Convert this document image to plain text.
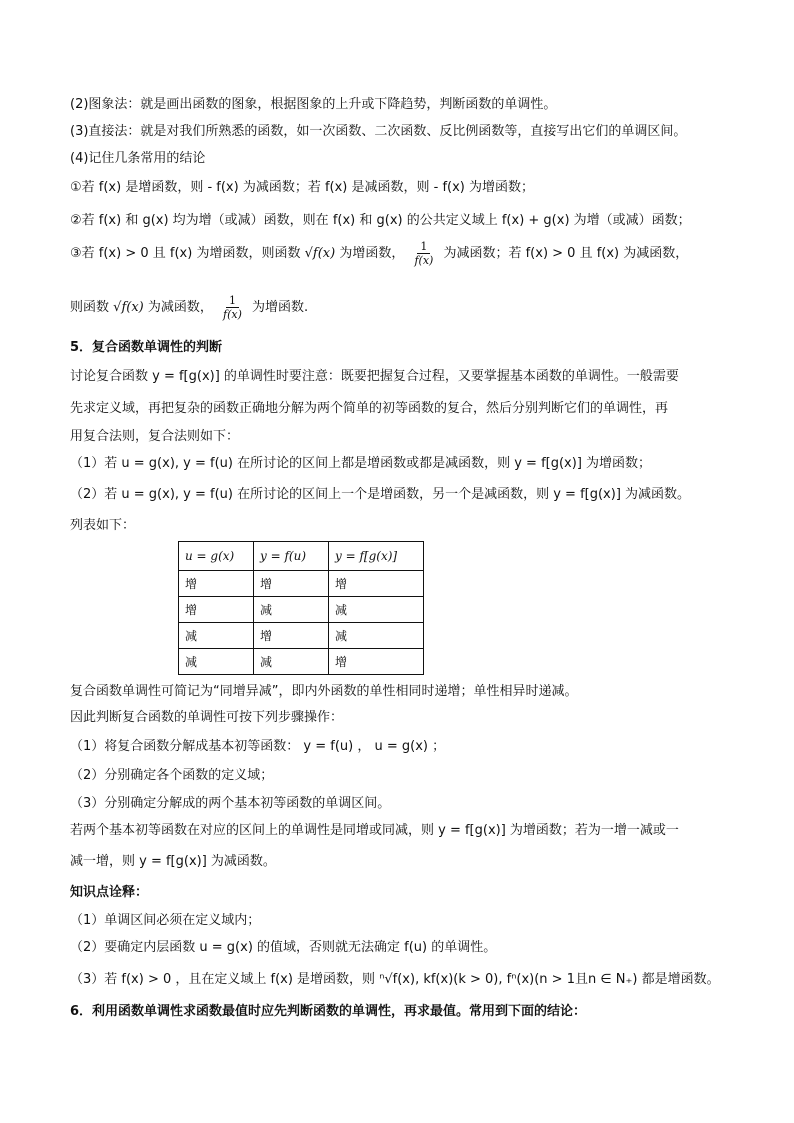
(2)图象法：就是画出函数的图象，根据图象的上升或下降趋势，判断函数的单调性。
(3)直接法：就是对我们所熟悉的函数，如一次函数、二次函数、反比例函数等，直接写出它们的单调区间。
(4)记住几条常用的结论
①若 f(x) 是增函数，则 - f(x) 为减函数；若 f(x) 是减函数，则 - f(x) 为增函数；
②若 f(x) 和 g(x) 均为增（或减）函数，则在 f(x) 和 g(x) 的公共定义域上 f(x) + g(x) 为增（或减）函数；
③若 f(x) > 0 且 f(x) 为增函数，则函数 √f(x) 为增函数， $\frac{1}{f(x)}$ 为减函数；若 f(x) > 0 且 f(x) 为减函数，
则函数 √f(x) 为减函数， $\frac{1}{f(x)}$ 为增函数.
5．复合函数单调性的判断
讨论复合函数 y = f[g(x)] 的单调性时要注意：既要把握复合过程，又要掌握基本函数的单调性。一般需要
先求定义域，再把复杂的函数正确地分解为两个简单的初等函数的复合，然后分别判断它们的单调性，再
用复合法则，复合法则如下：
（1）若 u = g(x), y = f(u) 在所讨论的区间上都是增函数或都是减函数，则 y = f[g(x)] 为增函数；
（2）若 u = g(x), y = f(u) 在所讨论的区间上一个是增函数，另一个是减函数，则 y = f[g(x)] 为减函数。
列表如下：
u = g(x)	y = f(u)	y = f[g(x)]
增	增	增
增	减	减
减	增	减
减	减	增
复合函数单调性可简记为“同增异减”，即内外函数的单性相同时递增；单性相异时递减。
因此判断复合函数的单调性可按下列步骤操作：
（1）将复合函数分解成基本初等函数： y = f(u) ， u = g(x) ；
（2）分别确定各个函数的定义域；
（3）分别确定分解成的两个基本初等函数的单调区间。
若两个基本初等函数在对应的区间上的单调性是同增或同减，则 y = f[g(x)] 为增函数；若为一增一减或一
减一增，则 y = f[g(x)] 为减函数。
知识点诠释：
（1）单调区间必须在定义域内；
（2）要确定内层函数 u = g(x) 的值域，否则就无法确定 f(u) 的单调性。
（3）若 f(x) > 0 ，且在定义域上 f(x) 是增函数，则 ⁿ√f(x), kf(x)(k > 0), fⁿ(x)(n > 1且n ∈ N₊) 都是增函数。
6．利用函数单调性求函数最值时应先判断函数的单调性，再求最值。常用到下面的结论：
